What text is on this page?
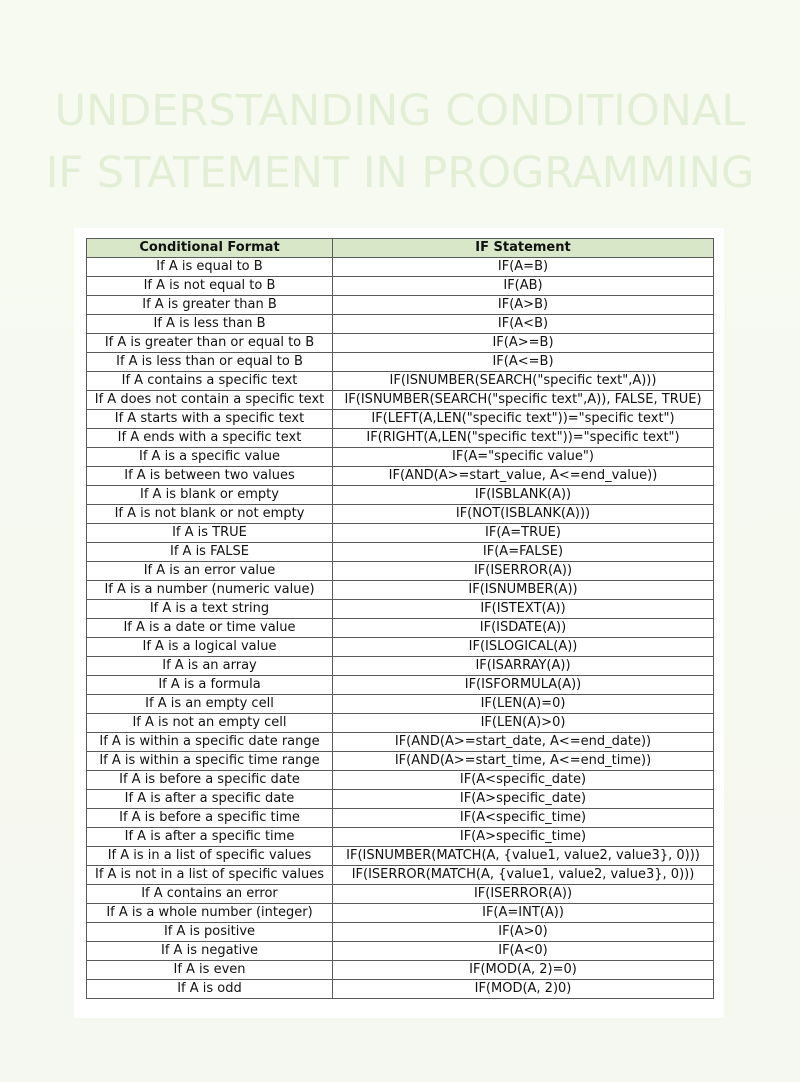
UNDERSTANDING CONDITIONAL
IF STATEMENT IN PROGRAMMING
Conditional Format	IF Statement
If A is equal to B	IF(A=B)
If A is not equal to B	IF(AB)
If A is greater than B	IF(A>B)
If A is less than B	IF(A<B)
If A is greater than or equal to B	IF(A>=B)
If A is less than or equal to B	IF(A<=B)
If A contains a specific text	IF(ISNUMBER(SEARCH("specific text",A)))
If A does not contain a specific text	IF(ISNUMBER(SEARCH("specific text",A)), FALSE, TRUE)
If A starts with a specific text	IF(LEFT(A,LEN("specific text"))="specific text")
If A ends with a specific text	IF(RIGHT(A,LEN("specific text"))="specific text")
If A is a specific value	IF(A="specific value")
If A is between two values	IF(AND(A>=start_value, A<=end_value))
If A is blank or empty	IF(ISBLANK(A))
If A is not blank or not empty	IF(NOT(ISBLANK(A)))
If A is TRUE	IF(A=TRUE)
If A is FALSE	IF(A=FALSE)
If A is an error value	IF(ISERROR(A))
If A is a number (numeric value)	IF(ISNUMBER(A))
If A is a text string	IF(ISTEXT(A))
If A is a date or time value	IF(ISDATE(A))
If A is a logical value	IF(ISLOGICAL(A))
If A is an array	IF(ISARRAY(A))
If A is a formula	IF(ISFORMULA(A))
If A is an empty cell	IF(LEN(A)=0)
If A is not an empty cell	IF(LEN(A)>0)
If A is within a specific date range	IF(AND(A>=start_date, A<=end_date))
If A is within a specific time range	IF(AND(A>=start_time, A<=end_time))
If A is before a specific date	IF(A<specific_date)
If A is after a specific date	IF(A>specific_date)
If A is before a specific time	IF(A<specific_time)
If A is after a specific time	IF(A>specific_time)
If A is in a list of specific values	IF(ISNUMBER(MATCH(A, {value1, value2, value3}, 0)))
If A is not in a list of specific values	IF(ISERROR(MATCH(A, {value1, value2, value3}, 0)))
If A contains an error	IF(ISERROR(A))
If A is a whole number (integer)	IF(A=INT(A))
If A is positive	IF(A>0)
If A is negative	IF(A<0)
If A is even	IF(MOD(A, 2)=0)
If A is odd	IF(MOD(A, 2)0)
